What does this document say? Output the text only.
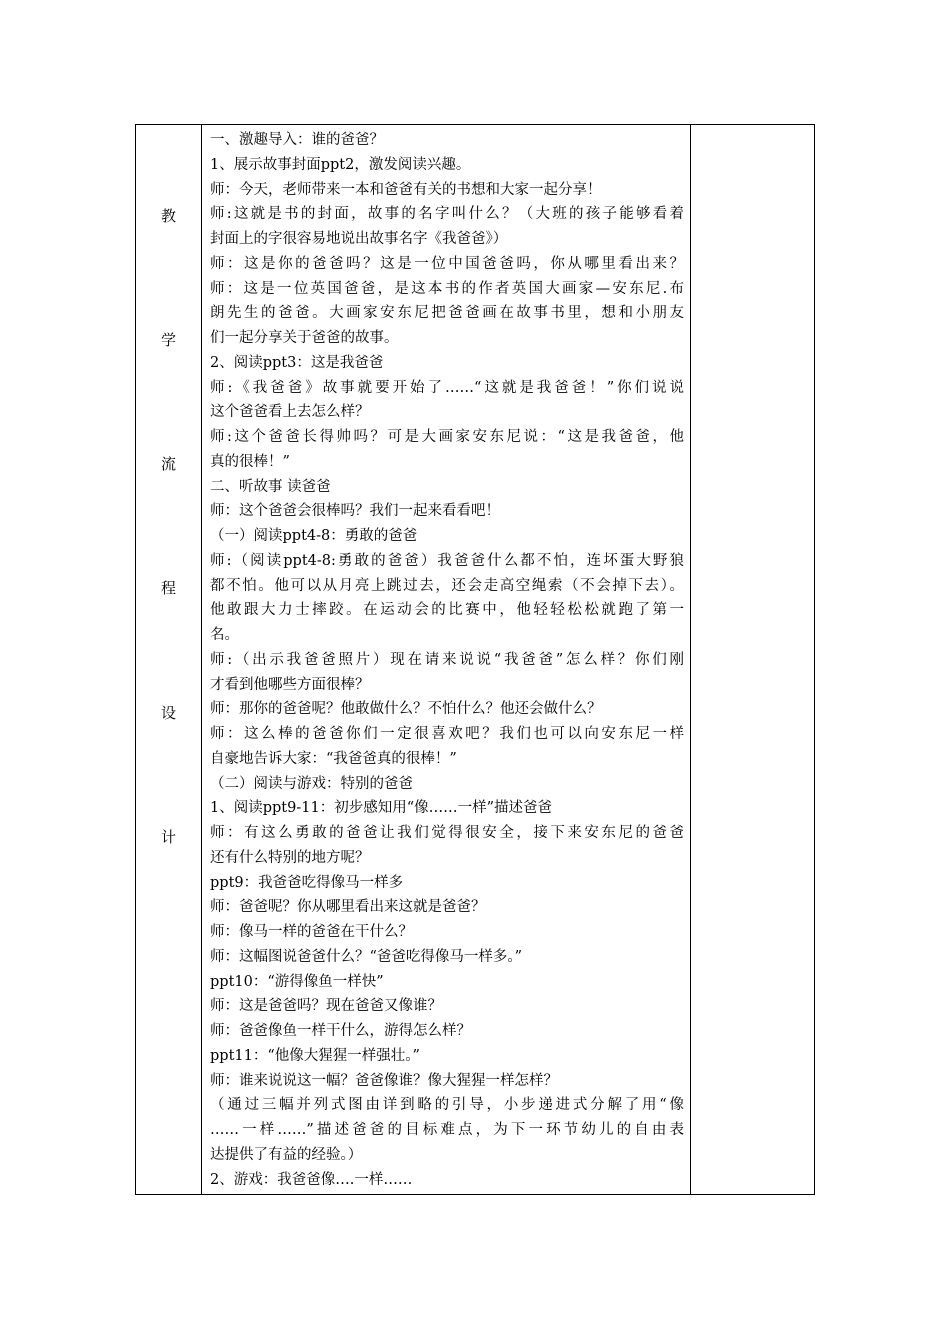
教
学
流
程
设
计
一、激趣导入：谁的爸爸？
1、展示故事封面ppt2，激发阅读兴趣。
师：今天，老师带来一本和爸爸有关的书想和大家一起分享！
师:这就是书的封面，故事的名字叫什么？（大班的孩子能够看着
封面上的字很容易地说出故事名字《我爸爸》）
师：这是你的爸爸吗？这是一位中国爸爸吗，你从哪里看出来？
师：这是一位英国爸爸，是这本书的作者英国大画家—安东尼.布
朗先生的爸爸。大画家安东尼把爸爸画在故事书里，想和小朋友
们一起分享关于爸爸的故事。
2、阅读ppt3：这是我爸爸
师:《我爸爸》故事就要开始了……“这就是我爸爸！”你们说说
这个爸爸看上去怎么样？
师:这个爸爸长得帅吗？可是大画家安东尼说：“这是我爸爸，他
真的很棒！”
二、听故事 读爸爸
师：这个爸爸会很棒吗？我们一起来看看吧！
（一）阅读ppt4-8：勇敢的爸爸
师:（阅读ppt4-8:勇敢的爸爸）我爸爸什么都不怕，连坏蛋大野狼
都不怕。他可以从月亮上跳过去，还会走高空绳索（不会掉下去）。
他敢跟大力士摔跤。在运动会的比赛中，他轻轻松松就跑了第一
名。
师:（出示我爸爸照片）现在请来说说“我爸爸”怎么样？你们刚
才看到他哪些方面很棒？
师：那你的爸爸呢？他敢做什么？不怕什么？他还会做什么？
师：这么棒的爸爸你们一定很喜欢吧？我们也可以向安东尼一样
自豪地告诉大家：“我爸爸真的很棒！”
（二）阅读与游戏：特别的爸爸
1、阅读ppt9-11：初步感知用“像……一样”描述爸爸
师：有这么勇敢的爸爸让我们觉得很安全，接下来安东尼的爸爸
还有什么特别的地方呢？
ppt9：我爸爸吃得像马一样多
师：爸爸呢？你从哪里看出来这就是爸爸？
师：像马一样的爸爸在干什么？
师：这幅图说爸爸什么？“爸爸吃得像马一样多。”
ppt10：“游得像鱼一样快”
师：这是爸爸吗？现在爸爸又像谁？
师：爸爸像鱼一样干什么，游得怎么样？
ppt11：“他像大猩猩一样强壮。”
师：谁来说说这一幅？爸爸像谁？像大猩猩一样怎样？
（通过三幅并列式图由详到略的引导，小步递进式分解了用“像
……一样……”描述爸爸的目标难点，为下一环节幼儿的自由表
达提供了有益的经验。）
2、游戏：我爸爸像….一样……
